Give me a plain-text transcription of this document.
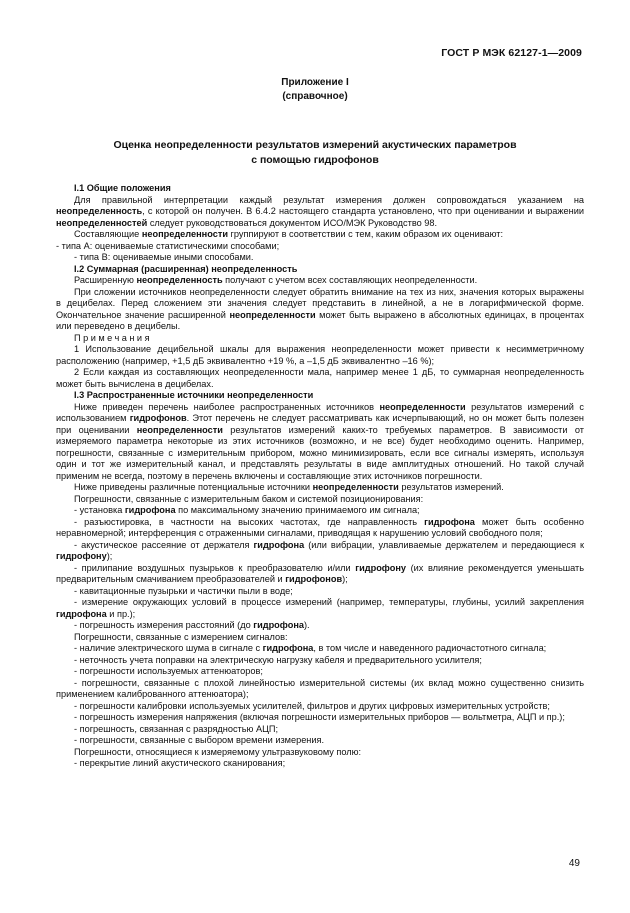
ГОСТ Р МЭК 62127-1—2009
Приложение I
(справочное)
Оценка неопределенности результатов измерений акустических параметров
с помощью гидрофонов

I.1 Общие положения

Для правильной интерпретации каждый результат измерения должен сопровождаться указанием на неопределенность, с которой он получен. В 6.4.2 настоящего стандарта установлено, что при оценивании и выражении неопределенностей следует руководствоваться документом ИСО/МЭК Руководство 98.

Составляющие неопределенности группируют в соответствии с тем, каким образом их оценивают:

- типа А: оцениваемые статистическими способами;

- типа В: оцениваемые иными способами.

I.2 Суммарная (расширенная) неопределенность

Расширенную неопределенность получают с учетом всех составляющих неопределенности.

При сложении источников неопределенности следует обратить внимание на тех из них, значения которых выражены в децибелах. Перед сложением эти значения следует представить в линейной, а не в логарифмической форме. Окончательное значение расширенной неопределенности может быть выражено в абсолютных единицах, в процентах или переведено в децибелы.

Примечания

1 Использование децибельной шкалы для выражения неопределенности может привести к несимметричному расположению (например, +1,5 дБ эквивалентно +19 %, а –1,5 дБ эквивалентно –16 %);

2 Если каждая из составляющих неопределенности мала, например менее 1 дБ, то суммарная неопределенность может быть вычислена в децибелах.

I.3 Распространенные источники неопределенности

Ниже приведен перечень наиболее распространенных источников неопределенности результатов измерений с использованием гидрофонов. Этот перечень не следует рассматривать как исчерпывающий, но он может быть полезен при оценивании неопределенности результатов измерений каких-то требуемых параметров. В зависимости от измеряемого параметра некоторые из этих источников (возможно, и не все) будет необходимо оценить. Например, погрешности, связанные с измерительным прибором, можно минимизировать, если все сигналы измерять, используя один и тот же измерительный канал, и представлять результаты в виде амплитудных отношений. Но такой случай применим не всегда, поэтому в перечень включены и составляющие этих источников погрешности.

Ниже приведены различные потенциальные источники неопределенности результатов измерений.

Погрешности, связанные с измерительным баком и системой позиционирования:

- установка гидрофона по максимальному значению принимаемого им сигнала;

- разъюстировка, в частности на высоких частотах, где направленность гидрофона может быть особенно неравномерной; интерференция с отраженными сигналами, приводящая к нарушению условий свободного поля;

- акустическое рассеяние от держателя гидрофона (или вибрации, улавливаемые держателем и передающиеся к гидрофону);

- прилипание воздушных пузырьков к преобразователю и/или гидрофону (их влияние рекомендуется уменьшать предварительным смачиванием преобразователей и гидрофонов);

- кавитационные пузырьки и частички пыли в воде;

- измерение окружающих условий в процессе измерений (например, температуры, глубины, усилий закрепления гидрофона и пр.);

- погрешность измерения расстояний (до гидрофона).

Погрешности, связанные с измерением сигналов:

- наличие электрического шума в сигнале с гидрофона, в том числе и наведенного радиочастотного сигнала;

- неточность учета поправки на электрическую нагрузку кабеля и предварительного усилителя;

- погрешности используемых аттенюаторов;

- погрешности, связанные с плохой линейностью измерительной системы (их вклад можно существенно снизить применением калиброванного аттенюатора);

- погрешности калибровки используемых усилителей, фильтров и других цифровых измерительных устройств;

- погрешность измерения напряжения (включая погрешности измерительных приборов — вольтметра, АЦП и пр.);

- погрешность, связанная с разрядностью АЦП;

- погрешности, связанные с выбором времени измерения.

Погрешности, относящиеся к измеряемому ультразвуковому полю:

- перекрытие линий акустического сканирования;

49
